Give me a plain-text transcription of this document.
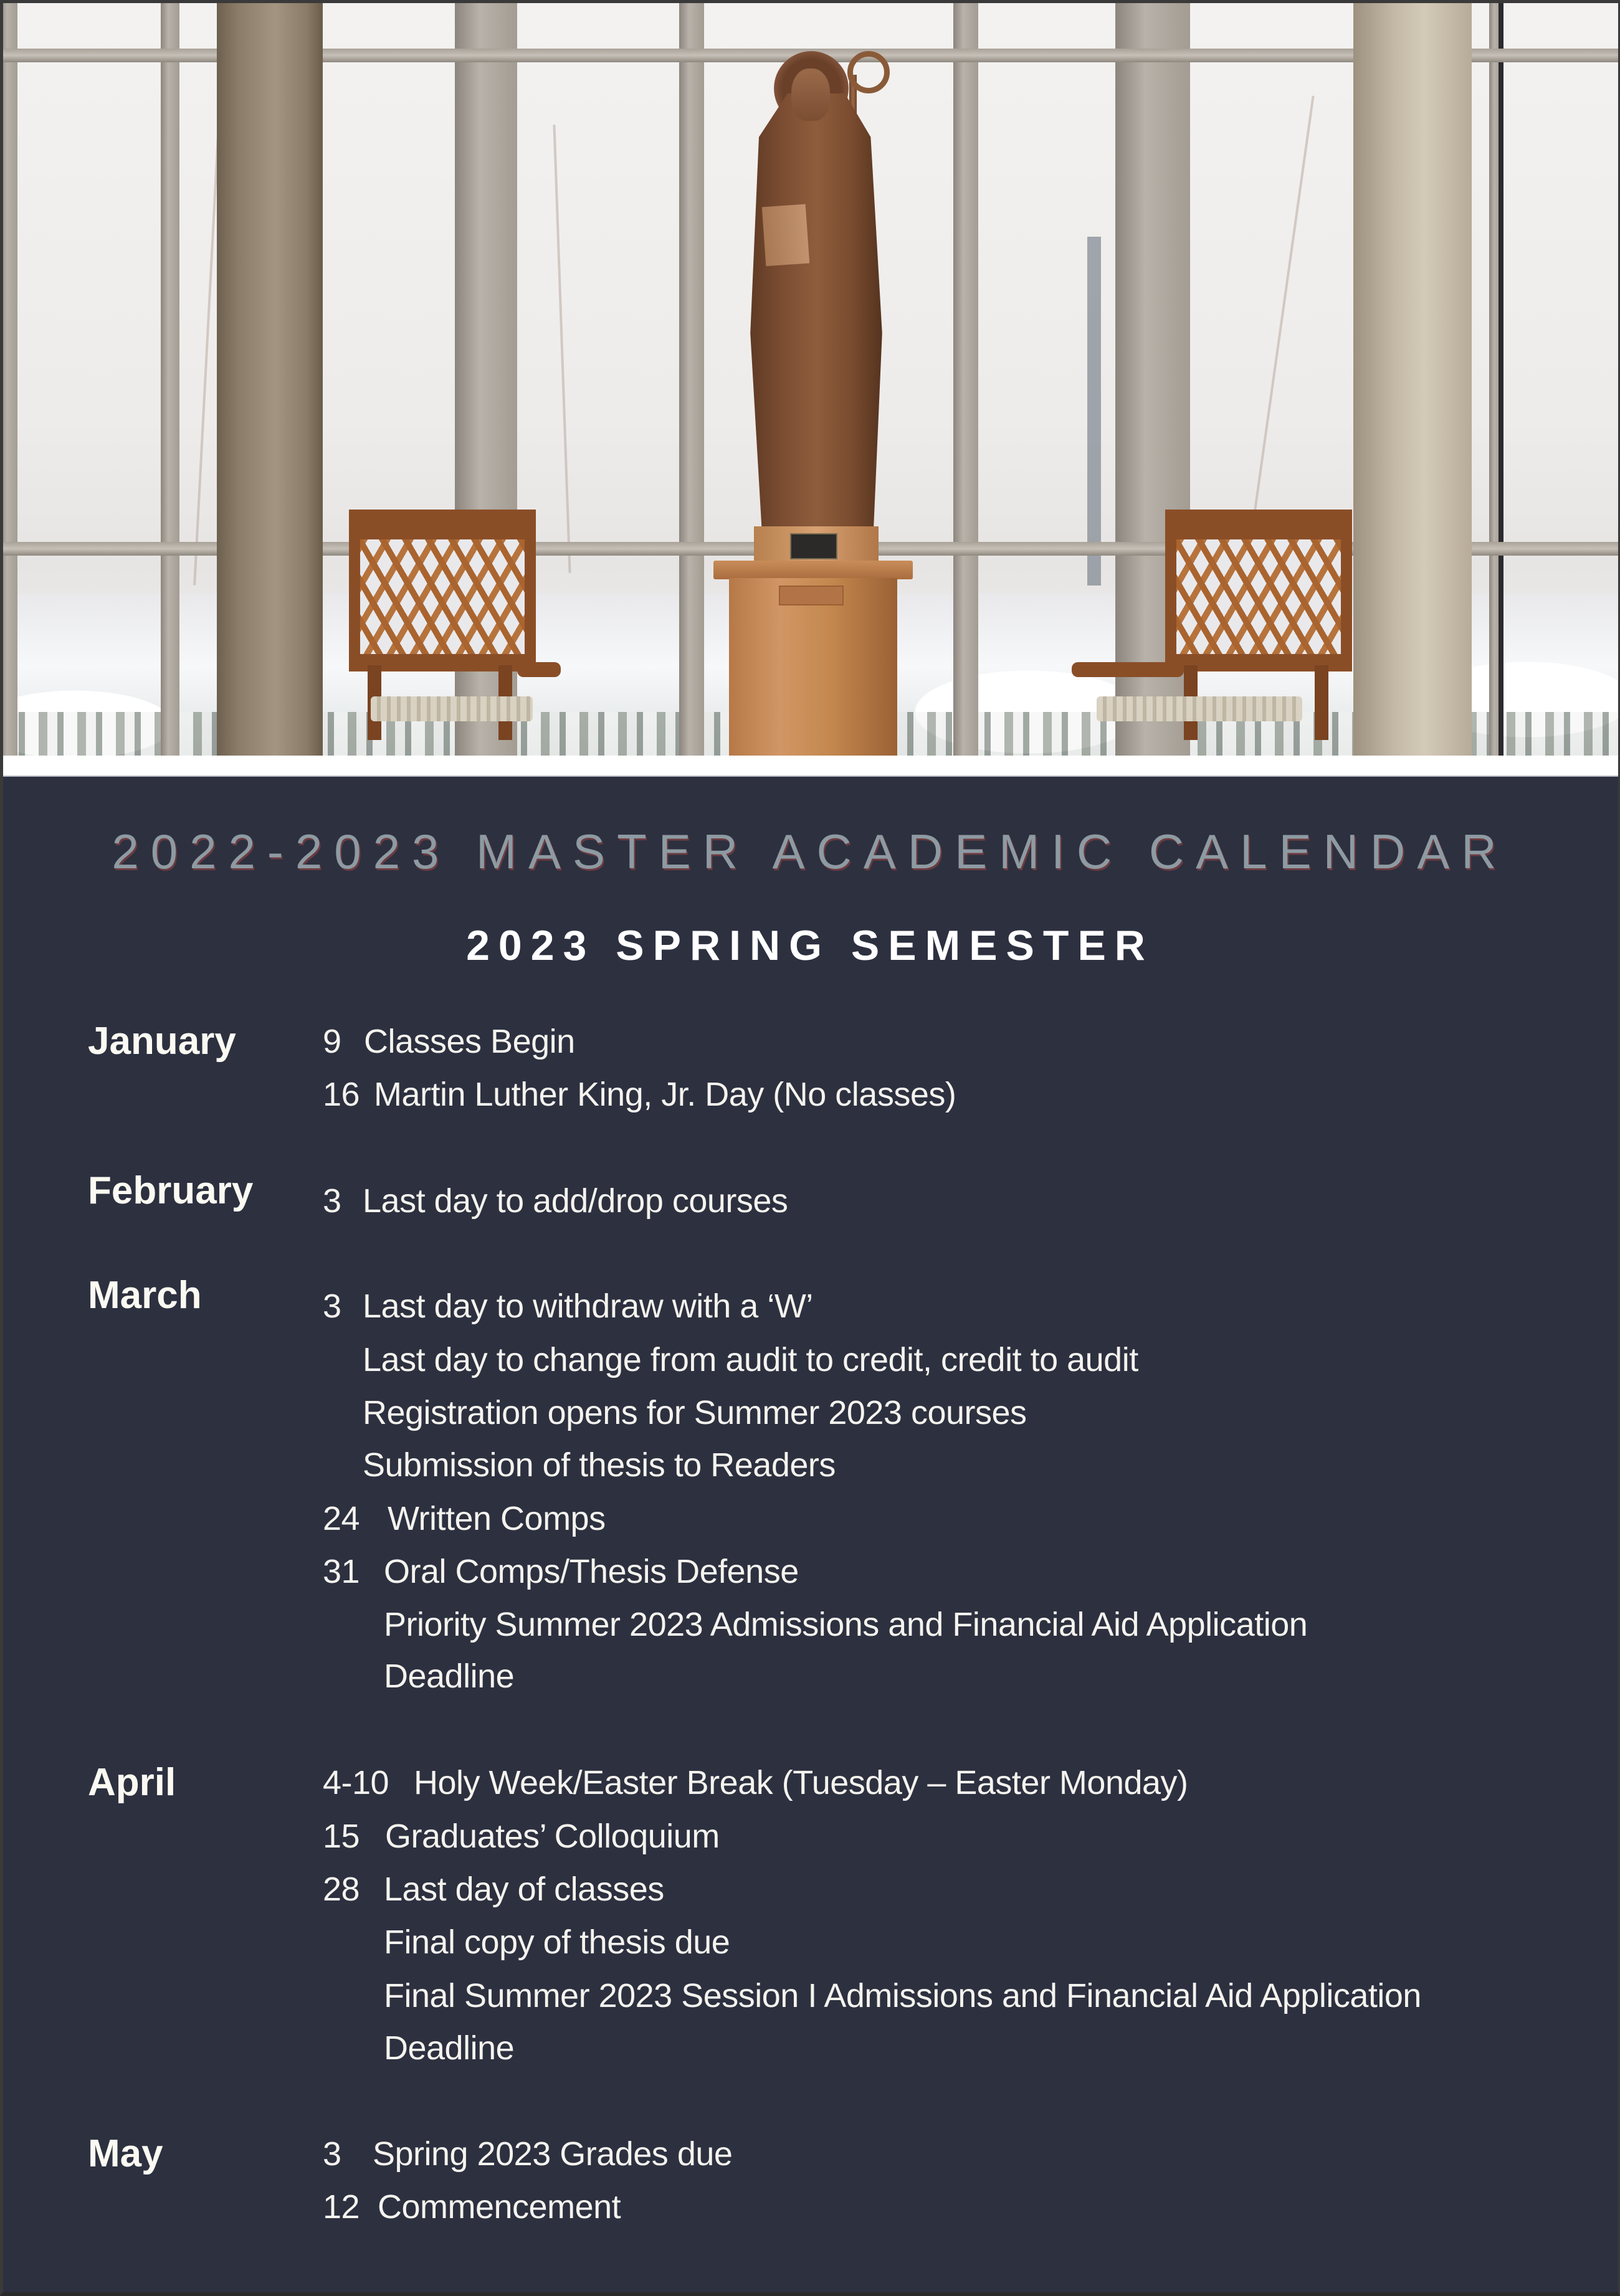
2022-2023 MASTER ACADEMIC CALENDAR
2023 SPRING SEMESTER
January	9 Classes Begin
16 Martin Luther King, Jr. Day (No classes)
February 3 Last day to add/drop courses
March	3 Last day to withdraw with a ‘W’
Last day to change from audit to credit, credit to audit
Registration opens for Summer 2023 courses
Submission of thesis to Readers
24 Written Comps
31 Oral Comps/Thesis Defense
Priority Summer 2023 Admissions and Financial Aid Application
Deadline
April	4-10 Holy Week/Easter Break (Tuesday – Easter Monday)
15 Graduates’ Colloquium
28 Last day of classes
Final copy of thesis due
Final Summer 2023 Session I Admissions and Financial Aid Application
Deadline
May	3 Spring 2023 Grades due
12 Commencement
